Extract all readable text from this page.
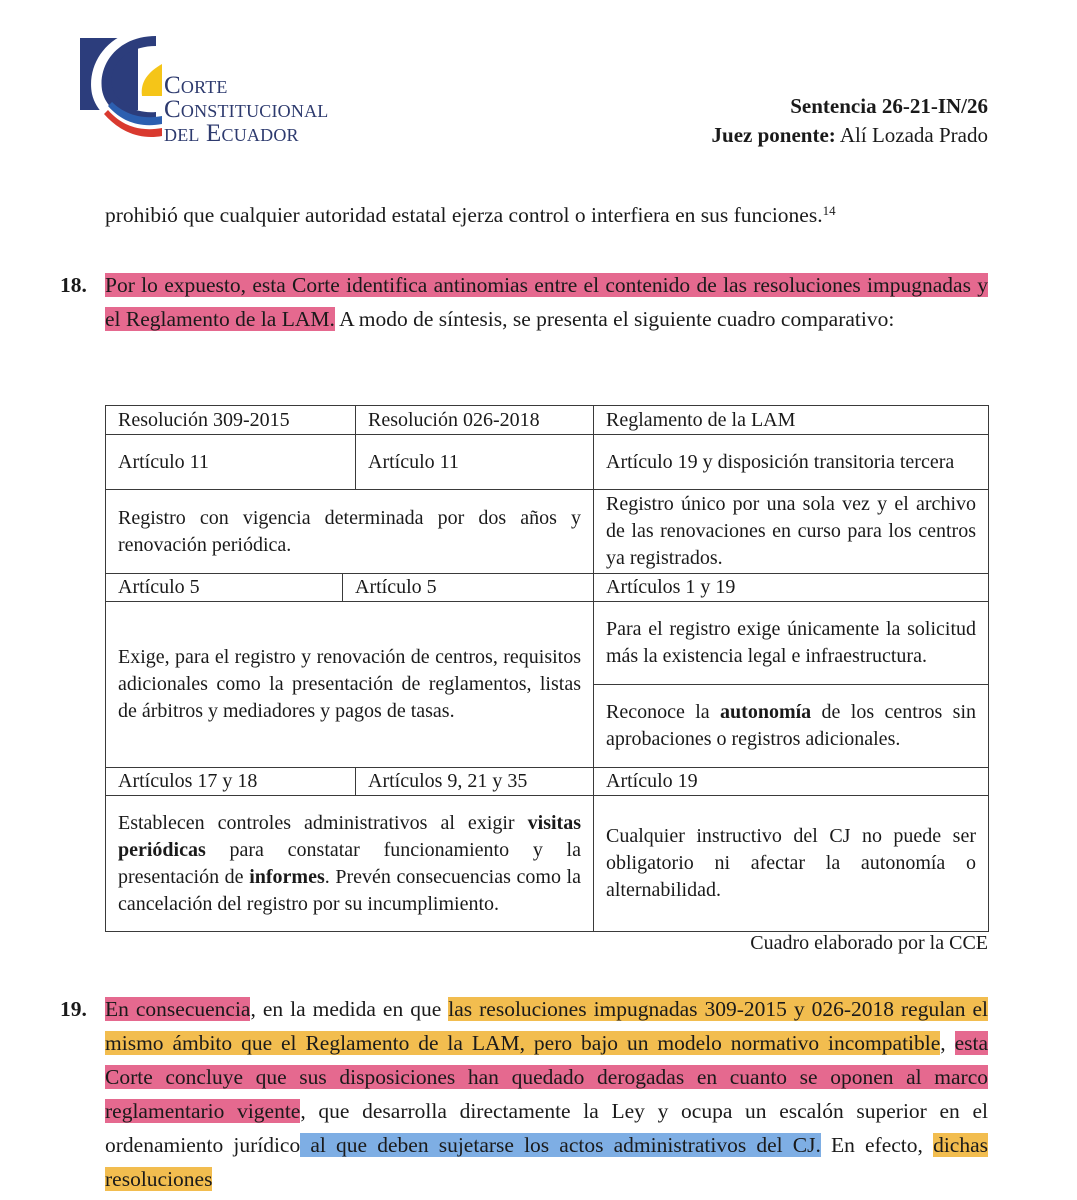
Corte
Constitucional
del Ecuador
Sentencia 26-21-IN/26
Juez ponente: Alí Lozada Prado
prohibió que cualquier autoridad estatal ejerza control o interfiera en sus funciones.$^{14}$
18. Por lo expuesto, esta Corte identifica antinomias entre el contenido de las resoluciones impugnadas y el Reglamento de la LAM. A modo de síntesis, se presenta el siguiente cuadro comparativo:
Resolución 309-2015	Resolución 026-2018	Reglamento de la LAM
Artículo 11	Artículo 11	Artículo 19 y disposición transitoria tercera
Registro con vigencia determinada por dos años y renovación periódica.		Registro único por una sola vez y el archivo de las renovaciones en curso para los centros ya registrados.

Artículo 5 Artículo 5		Artículos 1 y 19
Exige, para el registro y renovación de centros, requisitos adicionales como la presentación de reglamentos, listas de árbitros y mediadores y pagos de tasas.		Para el registro exige únicamente la solicitud más la existencia legal e infraestructura.
		Reconoce la autonomía de los centros sin aprobaciones o registros adicionales.
Artículos 17 y 18	Artículos 9, 21 y 35	Artículo 19
Establecen controles administrativos al exigir visitas periódicas para constatar funcionamiento y la presentación de informes. Prevén consecuencias como la cancelación del registro por su incumplimiento.		Cualquier instructivo del CJ no puede ser obligatorio ni afectar la autonomía o alternabilidad.
Cuadro elaborado por la CCE
19. En consecuencia, en la medida en que las resoluciones impugnadas 309-2015 y 026-2018 regulan el mismo ámbito que el Reglamento de la LAM, pero bajo un modelo normativo incompatible, esta Corte concluye que sus disposiciones han quedado derogadas en cuanto se oponen al marco reglamentario vigente, que desarrolla directamente la Ley y ocupa un escalón superior en el ordenamiento jurídico al que deben sujetarse los actos administrativos del CJ. En efecto, dichas resoluciones
